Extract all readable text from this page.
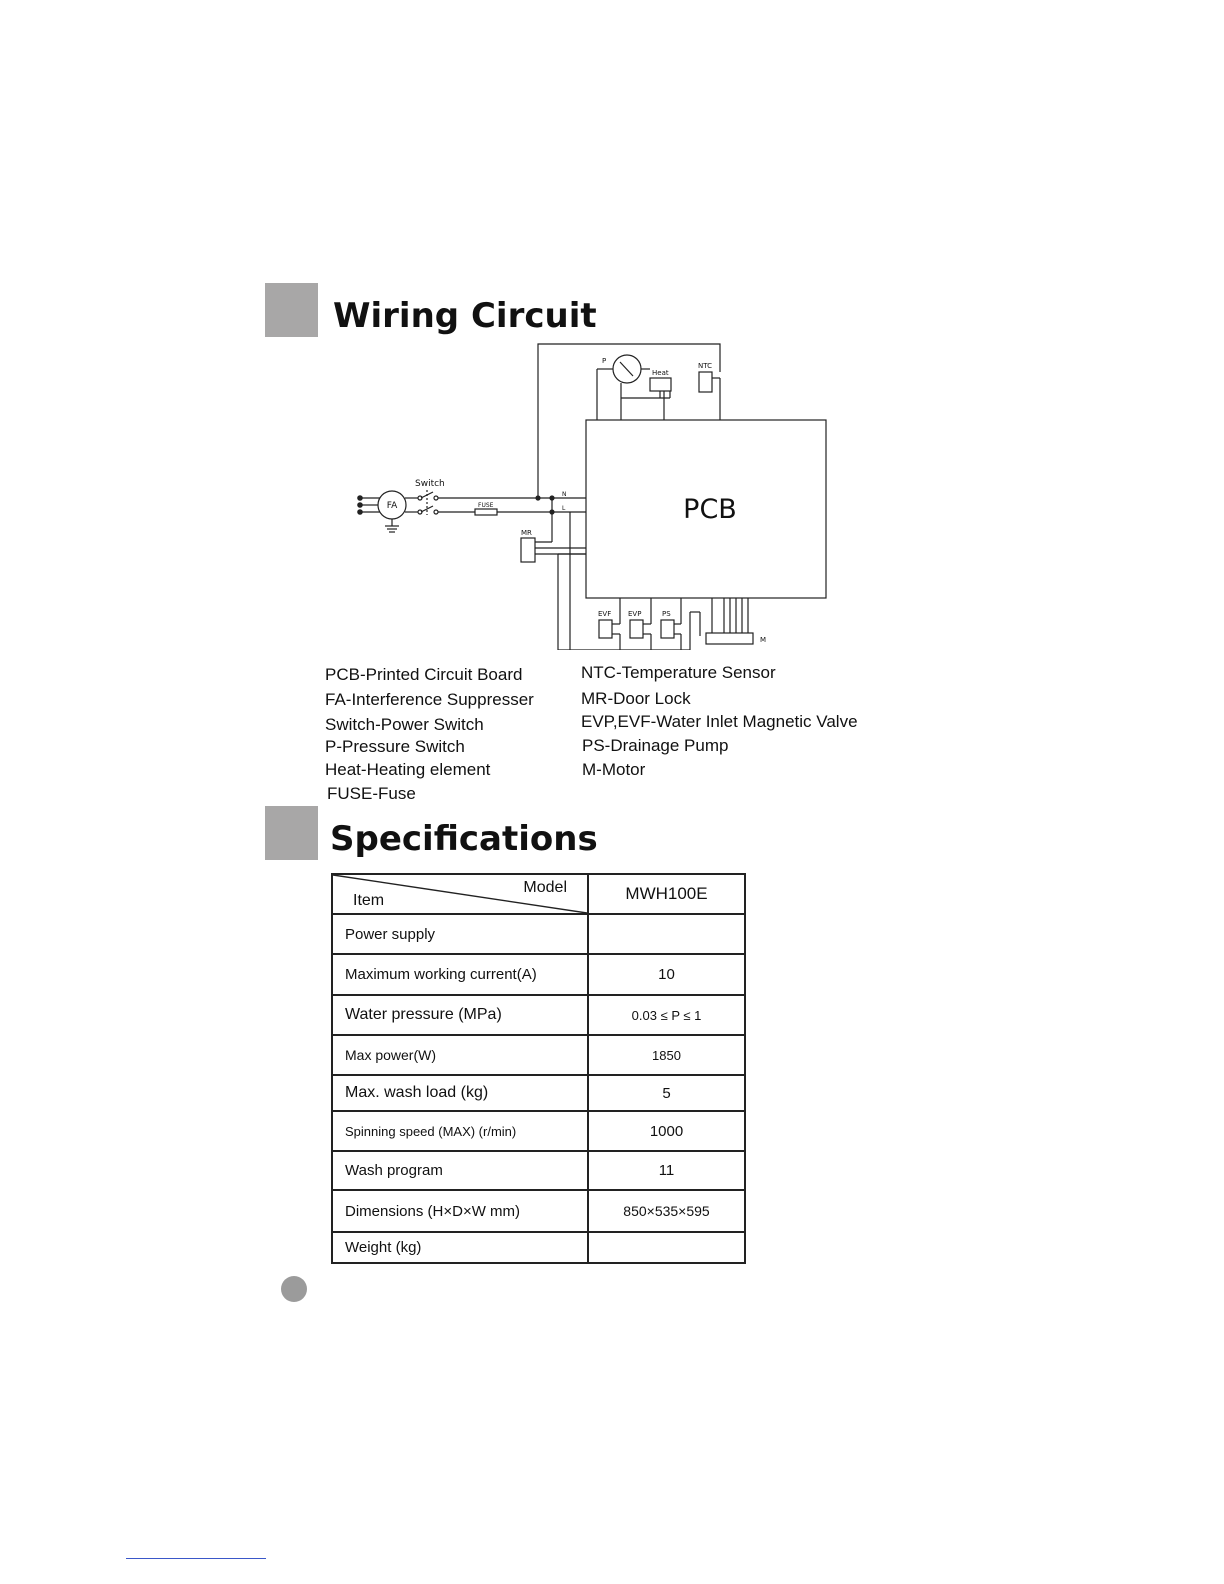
Wiring Circuit
PCB
Switch
FA	FUSE
MR
P
Heat
NTC
EVF EVP	PS
M
N
L
PCB-Printed Circuit Board
FA-Interference Suppresser
Switch-Power Switch
P-Pressure Switch
Heat-Heating element
FUSE-Fuse
NTC-Temperature Sensor
MR-Door Lock
EVP,EVF-Water Inlet Magnetic Valve
PS-Drainage Pump
M-Motor
Specifications
Model
Item	MWH100E
Power supply	
Maximum working current(A)	10
Water pressure (MPa)	0.03 ≤ P ≤ 1
Max power(W)	1850
Max. wash load (kg)	5
Spinning speed (MAX) (r/min)	1000
Wash program	11
Dimensions (H×D×W mm)	850×535×595
Weight (kg)	
